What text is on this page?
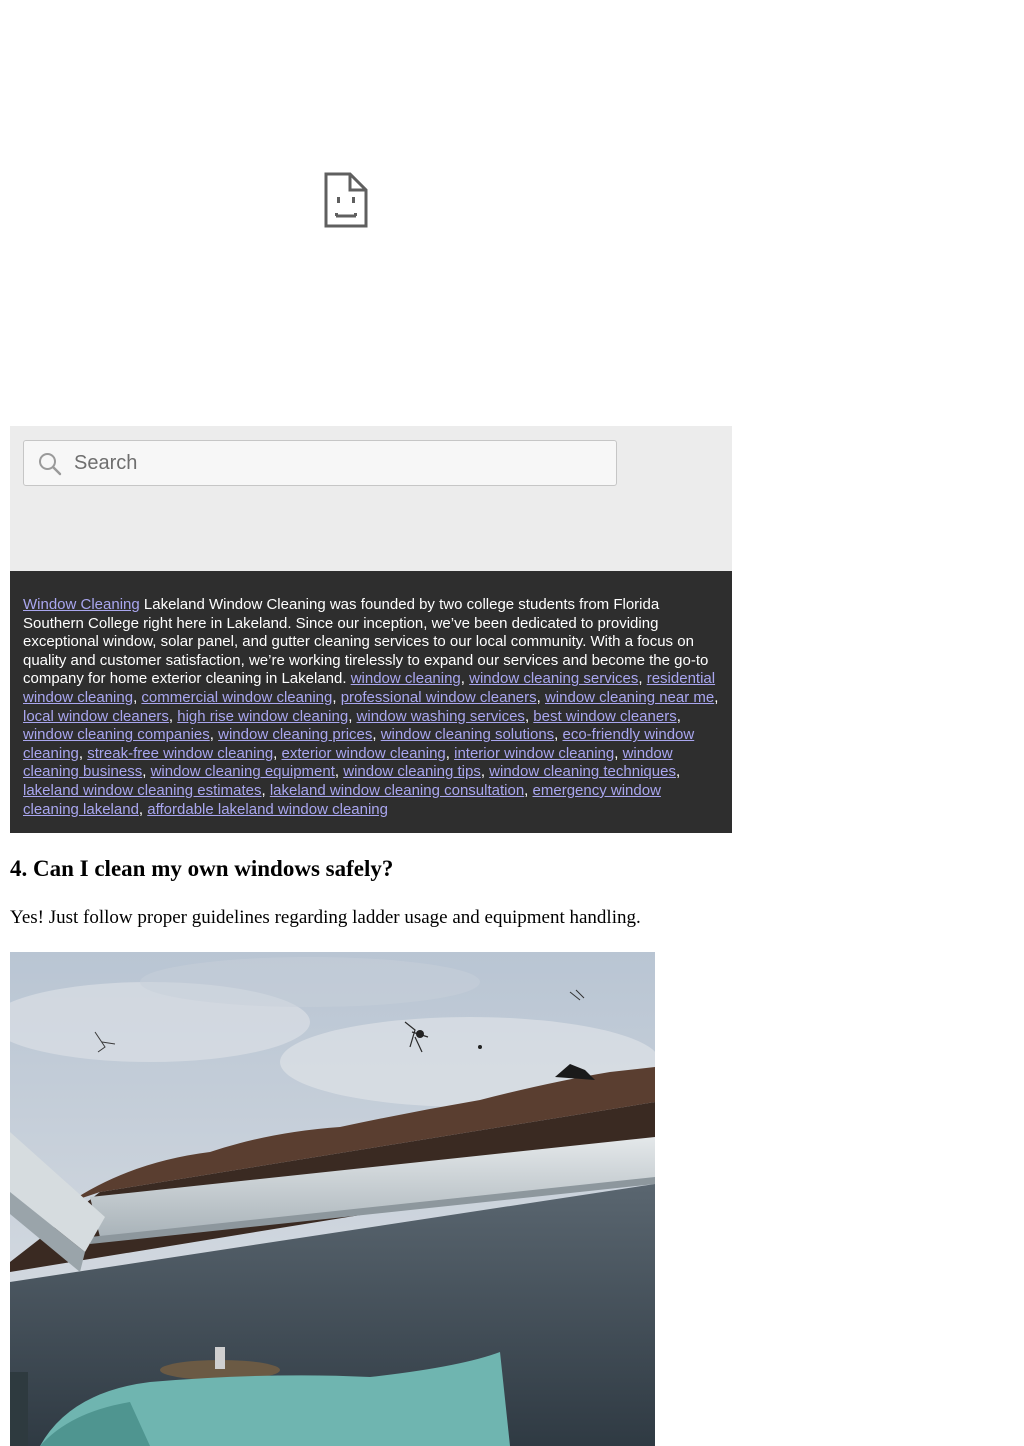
Search
Window Cleaning Lakeland Window Cleaning was founded by two college students from Florida Southern College right here in Lakeland. Since our inception, we’ve been dedicated to providing exceptional window, solar panel, and gutter cleaning services to our local community. With a focus on quality and customer satisfaction, we’re working tirelessly to expand our services and become the go-to company for home exterior cleaning in Lakeland. window cleaning, window cleaning services, residential window cleaning, commercial window cleaning, professional window cleaners, window cleaning near me, local window cleaners, high rise window cleaning, window washing services, best window cleaners, window cleaning companies, window cleaning prices, window cleaning solutions, eco-friendly window cleaning, streak-free window cleaning, exterior window cleaning, interior window cleaning, window cleaning business, window cleaning equipment, window cleaning tips, window cleaning techniques, lakeland window cleaning estimates, lakeland window cleaning consultation, emergency window cleaning lakeland, affordable lakeland window cleaning
4. Can I clean my own windows safely?

Yes! Just follow proper guidelines regarding ladder usage and equipment handling.
